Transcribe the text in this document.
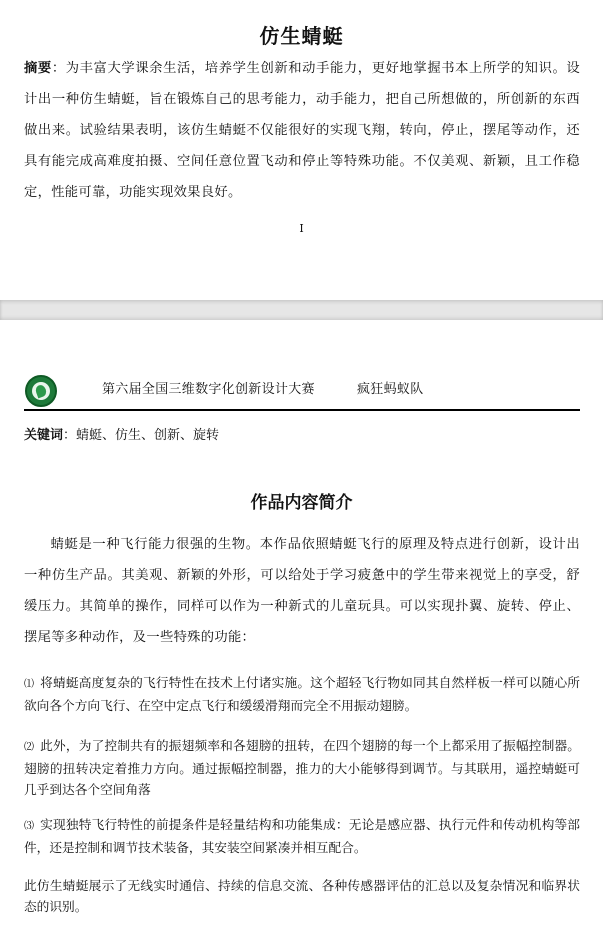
仿生蜻蜓
摘要：为丰富大学课余生活，培养学生创新和动手能力，更好地掌握书本上所学的知识。设计出一种仿生蜻蜓，旨在锻炼自己的思考能力，动手能力，把自己所想做的，所创新的东西做出来。试验结果表明，该仿生蜻蜓不仅能很好的实现飞翔，转向，停止，摆尾等动作，还具有能完成高难度拍摄、空间任意位置飞动和停止等特殊功能。不仅美观、新颖，且工作稳定，性能可靠，功能实现效果良好。
I
第六届全国三维数字化创新设计大赛	疯狂蚂蚁队
关键词：蜻蜓、仿生、创新、旋转
作品内容简介
蜻蜓是一种飞行能力很强的生物。本作品依照蜻蜓飞行的原理及特点进行创新，设计出一种仿生产品。其美观、新颖的外形，可以给处于学习疲惫中的学生带来视觉上的享受，舒缓压力。其简单的操作，同样可以作为一种新式的儿童玩具。可以实现扑翼、旋转、停止、摆尾等多种动作，及一些特殊的功能：
⑴ 将蜻蜓高度复杂的飞行特性在技术上付诸实施。这个超轻飞行物如同其自然样板一样可以随心所欲向各个方向飞行、在空中定点飞行和缓缓滑翔而完全不用振动翅膀。
⑵ 此外，为了控制共有的振翅频率和各翅膀的扭转，在四个翅膀的每一个上都采用了振幅控制器。翅膀的扭转决定着推力方向。通过振幅控制器，推力的大小能够得到调节。与其联用，遥控蜻蜓可几乎到达各个空间角落
⑶ 实现独特飞行特性的前提条件是轻量结构和功能集成：无论是感应器、执行元件和传动机构等部件，还是控制和调节技术装备，其安装空间紧凑并相互配合。
此仿生蜻蜓展示了无线实时通信、持续的信息交流、各种传感器评估的汇总以及复杂情况和临界状态的识别。
